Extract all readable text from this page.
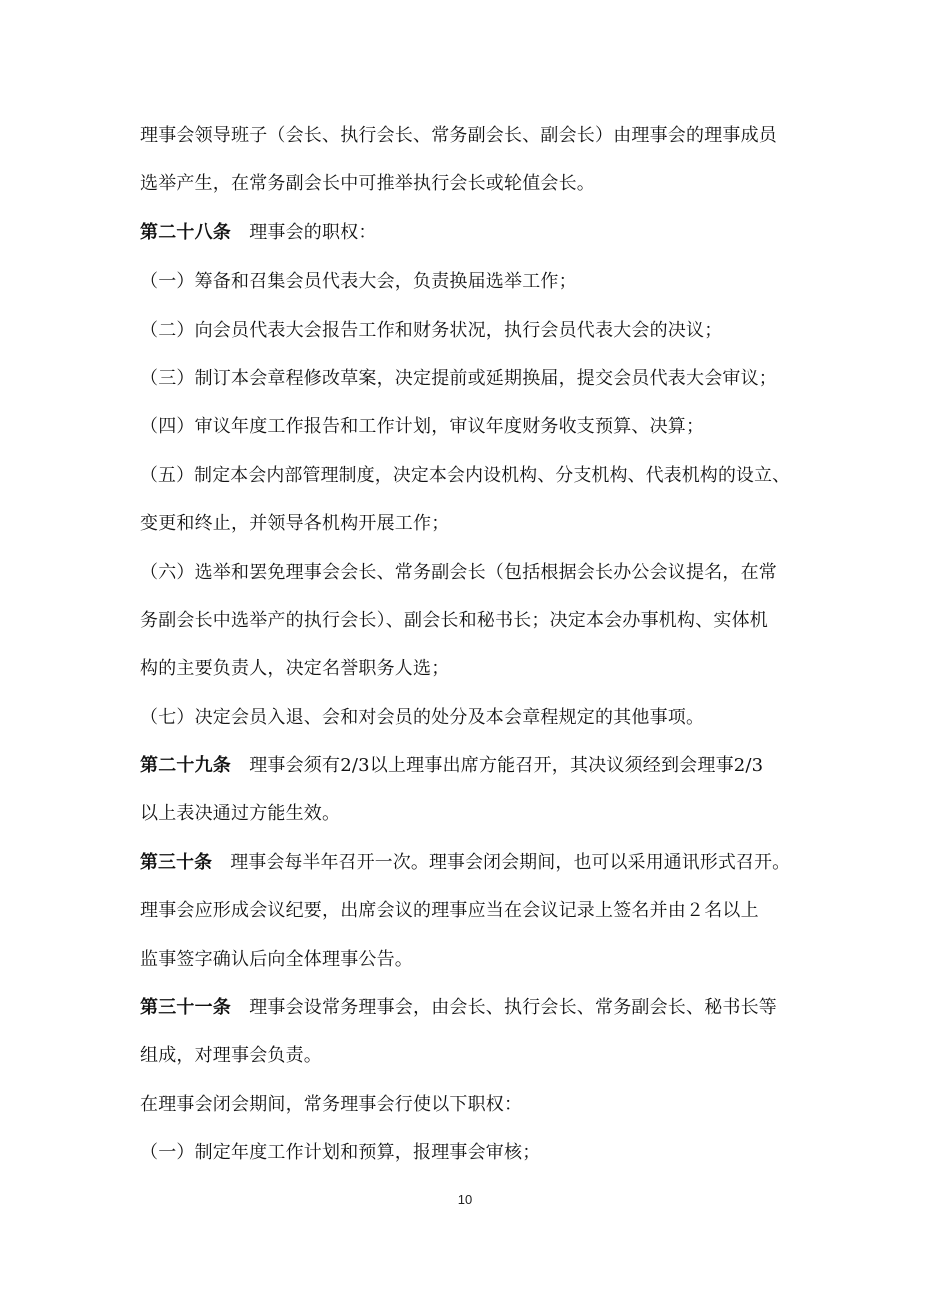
理事会领导班子（会长、执行会长、常务副会长、副会长）由理事会的理事成员
选举产生，在常务副会长中可推举执行会长或轮值会长。
第二十八条　理事会的职权：
（一）筹备和召集会员代表大会，负责换届选举工作；
（二）向会员代表大会报告工作和财务状况，执行会员代表大会的决议；
（三）制订本会章程修改草案，决定提前或延期换届，提交会员代表大会审议；
（四）审议年度工作报告和工作计划，审议年度财务收支预算、决算；
（五）制定本会内部管理制度，决定本会内设机构、分支机构、代表机构的设立、
变更和终止，并领导各机构开展工作；
（六）选举和罢免理事会会长、常务副会长（包括根据会长办公会议提名，在常
务副会长中选举产的执行会长）、副会长和秘书长；决定本会办事机构、实体机
构的主要负责人，决定名誉职务人选；
（七）决定会员入退、会和对会员的处分及本会章程规定的其他事项。
第二十九条　理事会须有2/3以上理事出席方能召开，其决议须经到会理事2/3
以上表决通过方能生效。
第三十条　理事会每半年召开一次。理事会闭会期间，也可以采用通讯形式召开。
理事会应形成会议纪要，出席会议的理事应当在会议记录上签名并由２名以上
监事签字确认后向全体理事公告。
第三十一条　理事会设常务理事会，由会长、执行会长、常务副会长、秘书长等
组成，对理事会负责。
在理事会闭会期间，常务理事会行使以下职权：
（一）制定年度工作计划和预算，报理事会审核；
10
